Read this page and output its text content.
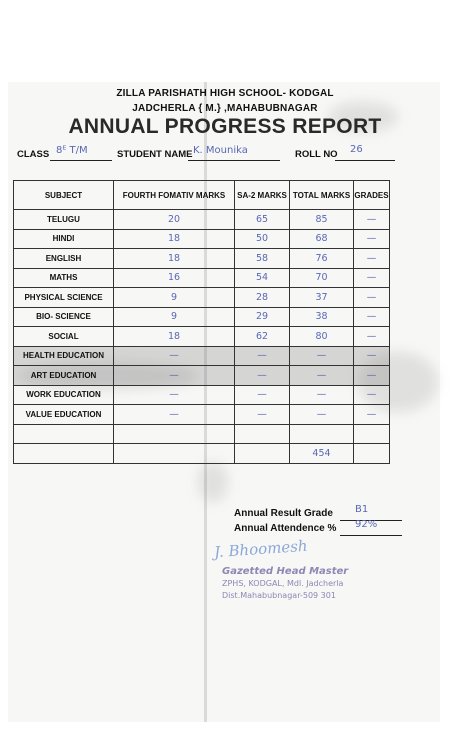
ZILLA PARISHATH HIGH SCHOOL- KODGAL
JADCHERLA { M.} ,MAHABUBNAGAR
ANNUAL PROGRESS REPORT
CLASS 8ᴱ T/M	STUDENT NAME K. Mounika	ROLL NO 26
SUBJECT	FOURTH FOMATIV MARKS	SA-2 MARKS	TOTAL MARKS	GRADES
TELUGU	20	65	85	—
HINDI	18	50	68	—
ENGLISH	18	58	76	—
MATHS	16	54	70	—
PHYSICAL SCIENCE	9	28	37	—
BIO- SCIENCE	9	29	38	—
SOCIAL	18	62	80	—
HEALTH EDUCATION	—	—	—	—
ART EDUCATION	—	—	—	—
WORK EDUCATION	—	—	—	—
VALUE EDUCATION	—	—	—	—

			454	
Annual Result Grade B1
Annual Attendence % 92%
J. Bhoomesh
Gazetted Head Master
ZPHS, KODGAL, Mdl. Jadcherla
Dist.Mahabubnagar-509 301
